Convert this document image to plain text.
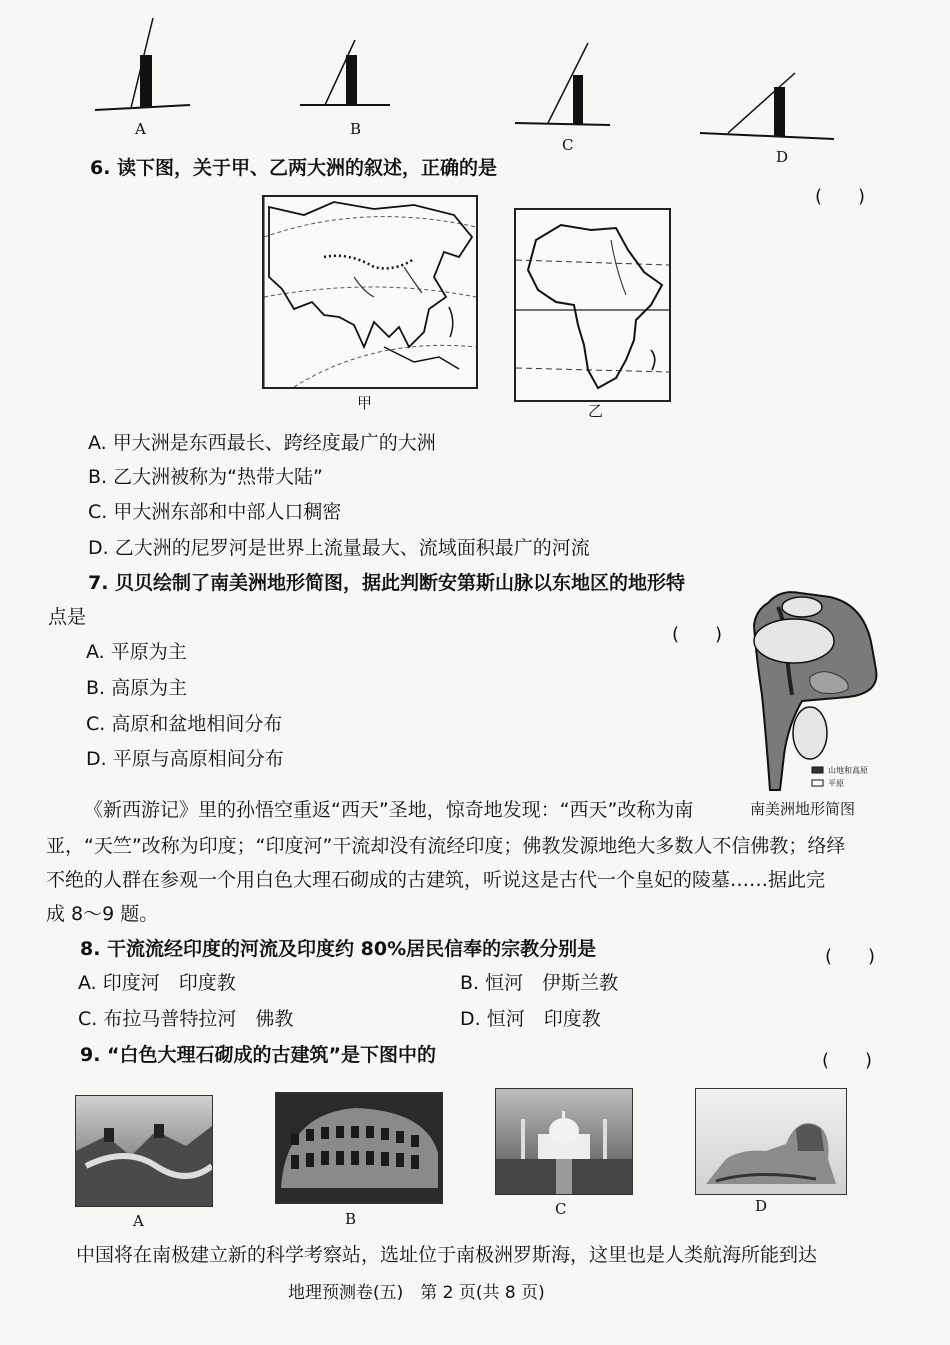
A	B
C
D
6. 读下图，关于甲、乙两大洲的叙述，正确的是
(　　)
甲	乙
A. 甲大洲是东西最长、跨经度最广的大洲
B. 乙大洲被称为“热带大陆”
C. 甲大洲东部和中部人口稠密
D. 乙大洲的尼罗河是世界上流量最大、流域面积最广的河流
7. 贝贝绘制了南美洲地形简图，据此判断安第斯山脉以东地区的地形特
点是
(　　)
A. 平原为主
B. 高原为主
C. 高原和盆地相间分布
D. 平原与高原相间分布
山地和高原
平原
南美洲地形简图
《新西游记》里的孙悟空重返“西天”圣地，惊奇地发现：“西天”改称为南
亚，“天竺”改称为印度；“印度河”干流却没有流经印度；佛教发源地绝大多数人不信佛教；络绎
不绝的人群在参观一个用白色大理石砌成的古建筑，听说这是古代一个皇妃的陵墓……据此完
成 8～9 题。
8. 干流流经印度的河流及印度约 80%居民信奉的宗教分别是	(　　)
A. 印度河　印度教	B. 恒河　伊斯兰教
C. 布拉马普特拉河　佛教	D. 恒河　印度教
9. “白色大理石砌成的古建筑”是下图中的	(　　)
A	B
C	D
中国将在南极建立新的科学考察站，选址位于南极洲罗斯海，这里也是人类航海所能到达
地理预测卷(五)　第 2 页(共 8 页)
